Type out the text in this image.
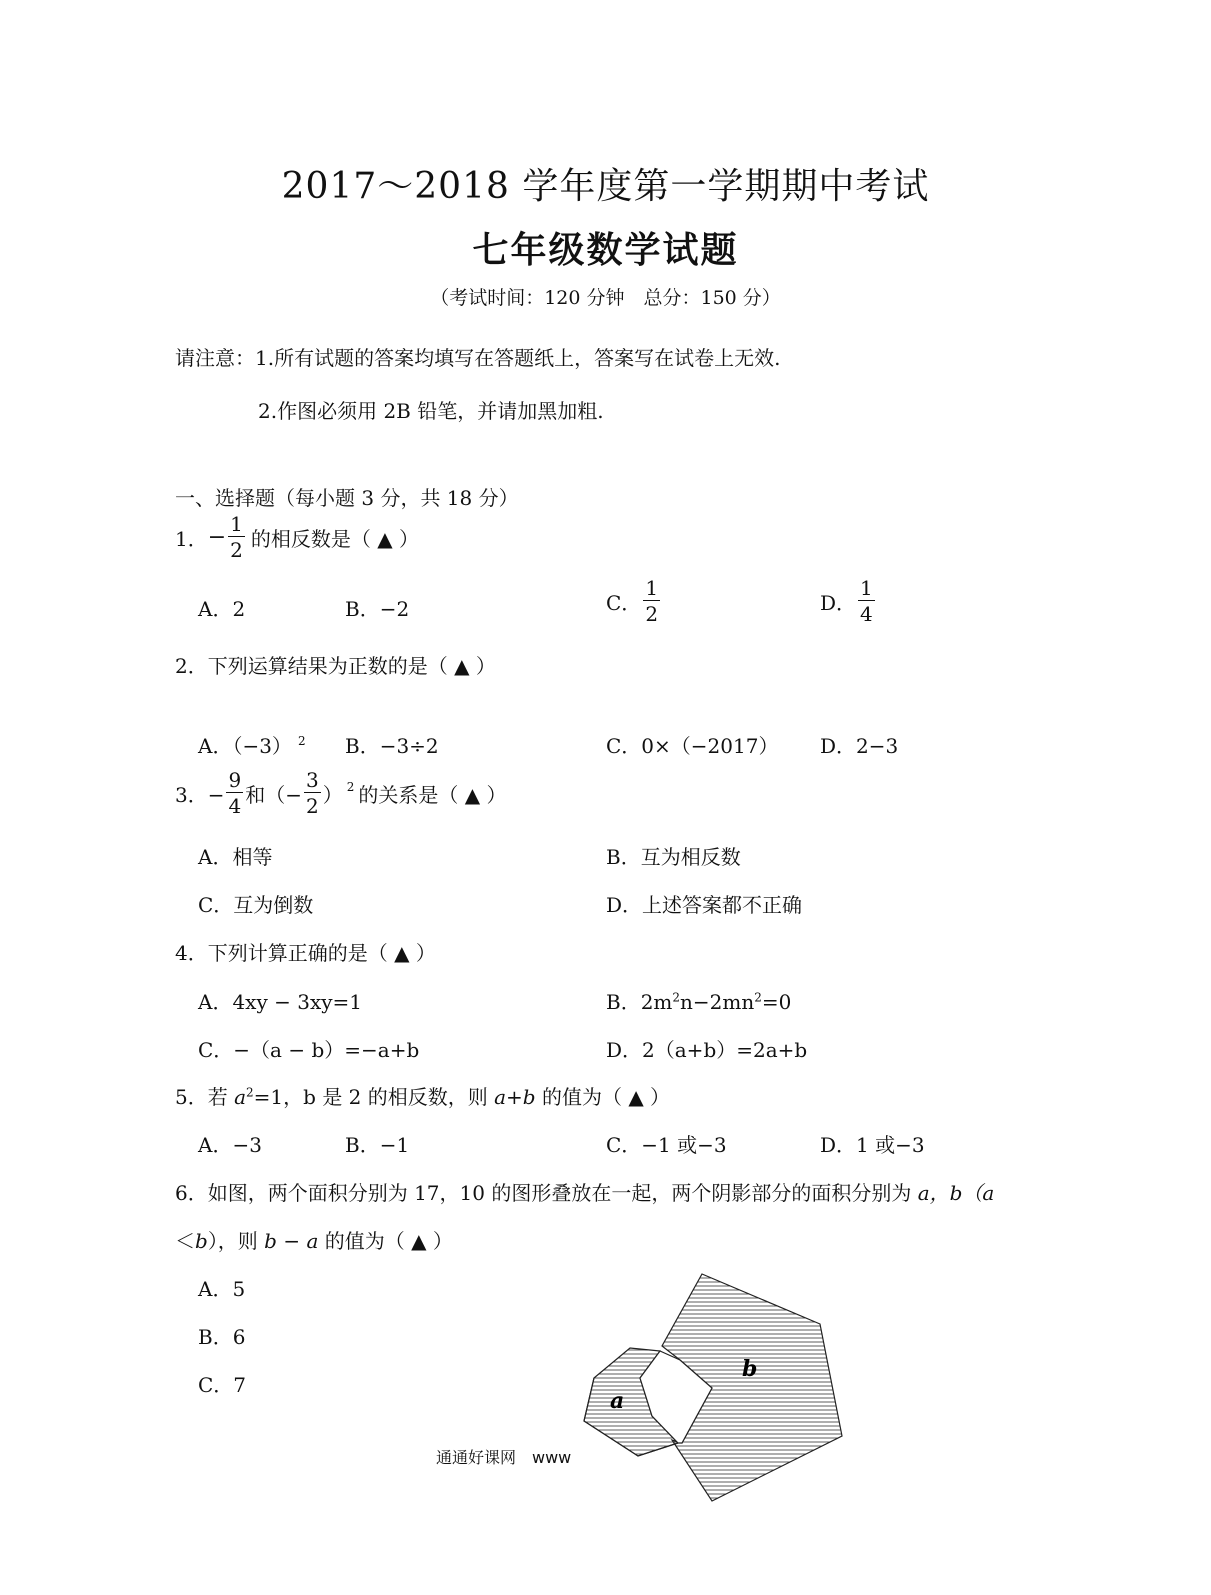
2017～2018 学年度第一学期期中考试
七年级数学试题
（考试时间：120 分钟　总分：150 分）
请注意：1.所有试题的答案均填写在答题纸上，答案写在试卷上无效.
2.作图必须用 2B 铅笔，并请加黑加粗.
一、选择题（每小题 3 分，共 18 分）
1． − $\frac{1}{2}$ 的相反数是（ ▲ ）
A．2	B．−2	C． $\frac{1}{2}$	D． $\frac{1}{4}$
2．下列运算结果为正数的是（ ▲ ）
A．（−3） $^2$ B．−3÷2	C．0×（−2017） D．2−3
3．− $\frac{9}{4}$ 和（− $\frac{3}{2}$ ） $^2$ 的关系是（ ▲ ）
A．相等	B．互为相反数
C．互为倒数	D．上述答案都不正确
4．下列计算正确的是（ ▲ ）
A．4xy − 3xy=1	B．$2m^2n-2mn^2=0$
C．−（a − b）=−a+b	D．2（a+b）=2a+b
5．若 $a^2=1$，b 是 2 的相反数，则 a+b 的值为（ ▲ ）
A．−3	B．−1	C．−1 或−3	D．1 或−3
6．如图，两个面积分别为 17，10 的图形叠放在一起，两个阴影部分的面积分别为 a，b（a
＜b），则 b − a 的值为（ ▲ ）
A．5
B．6
C．7
a
b
通通好课网　www
